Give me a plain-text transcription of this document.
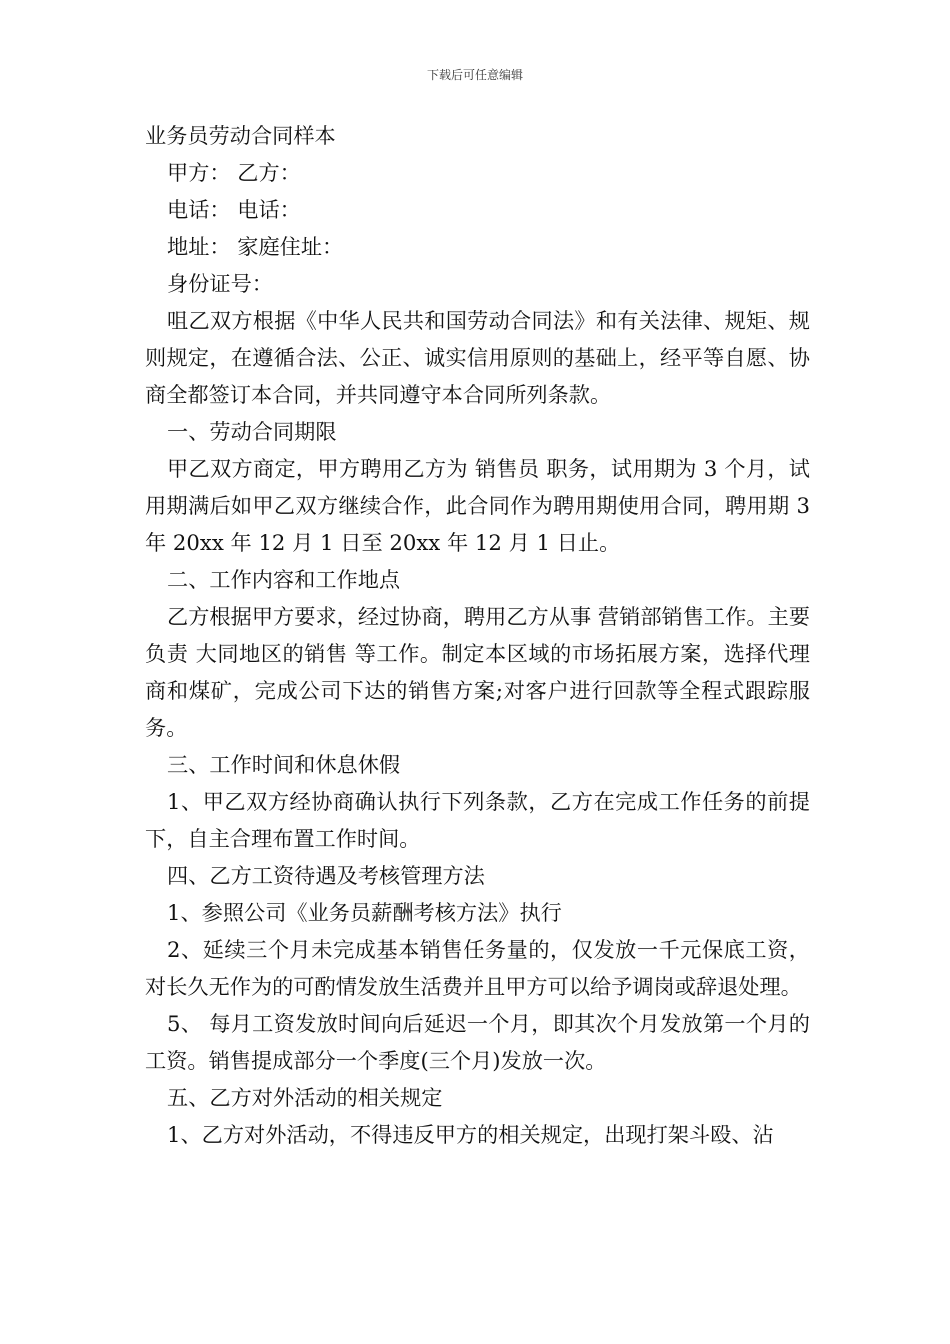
下载后可任意编辑

业务员劳动合同样本

甲方： 乙方：

电话： 电话：

地址： 家庭住址：

身份证号：

咀乙双方根据《中华人民共和国劳动合同法》和有关法律、规矩、规则规定，在遵循合法、公正、诚实信用原则的基础上，经平等自愿、协商全都签订本合同，并共同遵守本合同所列条款。

一、劳动合同期限

甲乙双方商定，甲方聘用乙方为 销售员 职务，试用期为 3 个月，试用期满后如甲乙双方继续合作，此合同作为聘用期使用合同，聘用期 3 年 20xx 年 12 月 1 日至 20xx 年 12 月 1 日止。

二、工作内容和工作地点

乙方根据甲方要求，经过协商，聘用乙方从事 营销部销售工作。主要负责 大同地区的销售 等工作。制定本区域的市场拓展方案，选择代理商和煤矿，完成公司下达的销售方案;对客户进行回款等全程式跟踪服务。

三、工作时间和休息休假

1、甲乙双方经协商确认执行下列条款，乙方在完成工作任务的前提下，自主合理布置工作时间。

四、乙方工资待遇及考核管理方法

1、参照公司《业务员薪酬考核方法》执行

2、延续三个月未完成基本销售任务量的，仅发放一千元保底工资，对长久无作为的可酌情发放生活费并且甲方可以给予调岗或辞退处理。

5、 每月工资发放时间向后延迟一个月，即其次个月发放第一个月的工资。销售提成部分一个季度(三个月)发放一次。

五、乙方对外活动的相关规定

1、乙方对外活动，不得违反甲方的相关规定，出现打架斗殴、沾
